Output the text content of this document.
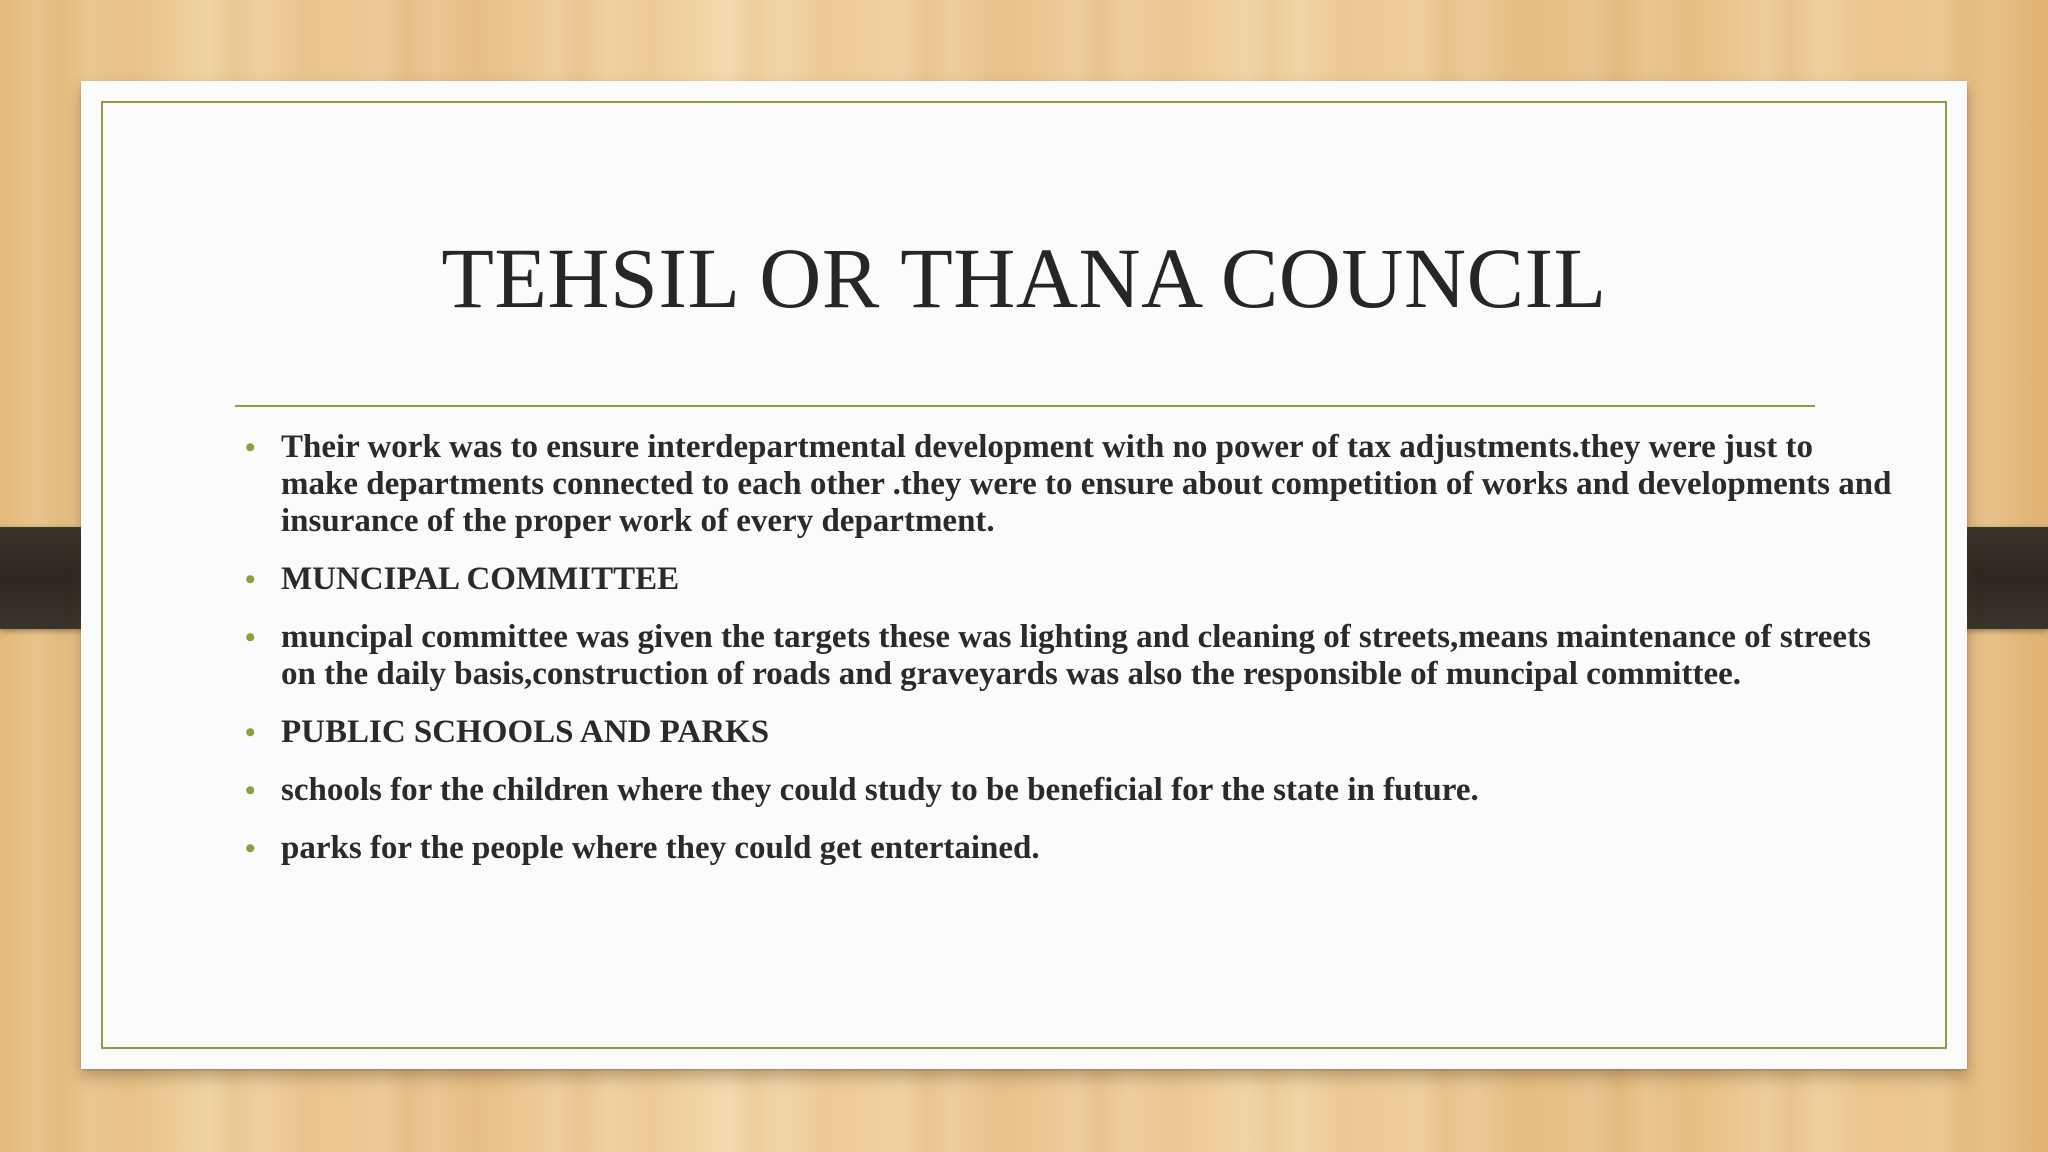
TEHSIL OR THANA COUNCIL
• Their work was to ensure interdepartmental development with no power of tax adjustments.they were just to make departments connected to each other .they were to ensure about competition of works and developments and insurance of the proper work of every department.
• MUNCIPAL COMMITTEE
• muncipal committee was given the targets these was lighting and cleaning of streets,means maintenance of streets on the daily basis,construction of roads and graveyards was also the responsible of muncipal committee.
• PUBLIC SCHOOLS AND PARKS
• schools for the children where they could study to be beneficial for the state in future.
• parks for the people where they could get entertained.
